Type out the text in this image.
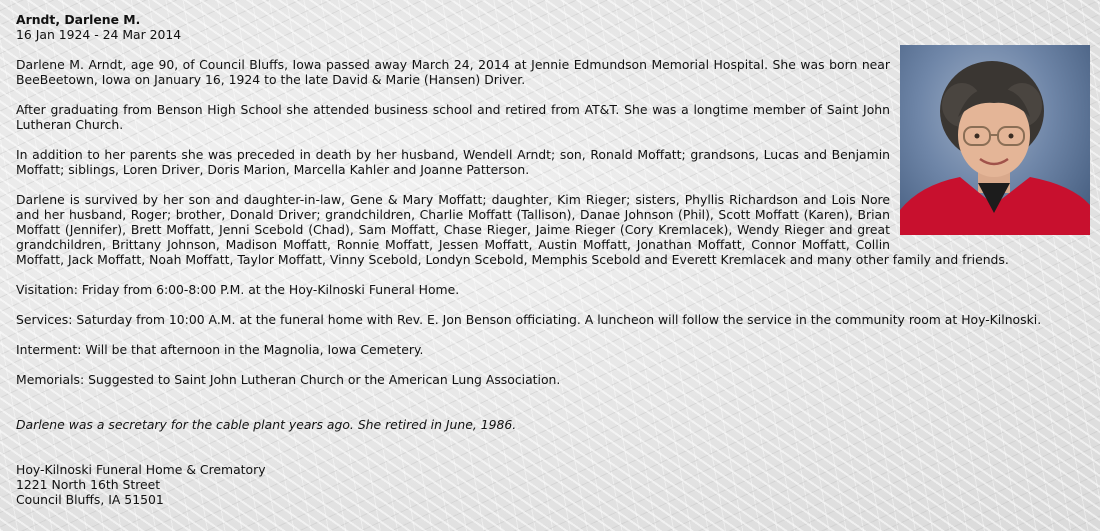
Arndt, Darlene M.

16 Jan 1924 - 24 Mar 2014

Darlene M. Arndt, age 90, of Council Bluffs, Iowa passed away March 24, 2014 at Jennie Edmundson Memorial Hospital. She was born near BeeBeetown, Iowa on January 16, 1924 to the late David & Marie (Hansen) Driver.

After graduating from Benson High School she attended business school and retired from AT&T. She was a longtime member of Saint John Lutheran Church.

In addition to her parents she was preceded in death by her husband, Wendell Arndt; son, Ronald Moffatt; grandsons, Lucas and Benjamin Moffatt; siblings, Loren Driver, Doris Marion, Marcella Kahler and Joanne Patterson.

Darlene is survived by her son and daughter-in-law, Gene & Mary Moffatt; daughter, Kim Rieger; sisters, Phyllis Richardson and Lois Nore and her husband, Roger; brother, Donald Driver; grandchildren, Charlie Moffatt (Tallison), Danae Johnson (Phil), Scott Moffatt (Karen), Brian Moffatt (Jennifer), Brett Moffatt, Jenni Scebold (Chad), Sam Moffatt, Chase Rieger, Jaime Rieger (Cory Kremlacek), Wendy Rieger and great grandchildren, Brittany Johnson, Madison Moffatt, Ronnie Moffatt, Jessen Moffatt, Austin Moffatt, Jonathan Moffatt, Connor Moffatt, Collin Moffatt, Jack Moffatt, Noah Moffatt, Taylor Moffatt, Vinny Scebold, Londyn Scebold, Memphis Scebold and Everett Kremlacek and many other family and friends.

Visitation: Friday from 6:00-8:00 P.M. at the Hoy-Kilnoski Funeral Home.

Services: Saturday from 10:00 A.M. at the funeral home with Rev. E. Jon Benson officiating. A luncheon will follow the service in the community room at Hoy-Kilnoski.

Interment: Will be that afternoon in the Magnolia, Iowa Cemetery.

Memorials: Suggested to Saint John Lutheran Church or the American Lung Association.

Darlene was a secretary for the cable plant years ago. She retired in June, 1986.

Hoy-Kilnoski Funeral Home & Crematory

1221 North 16th Street

Council Bluffs, IA 51501
